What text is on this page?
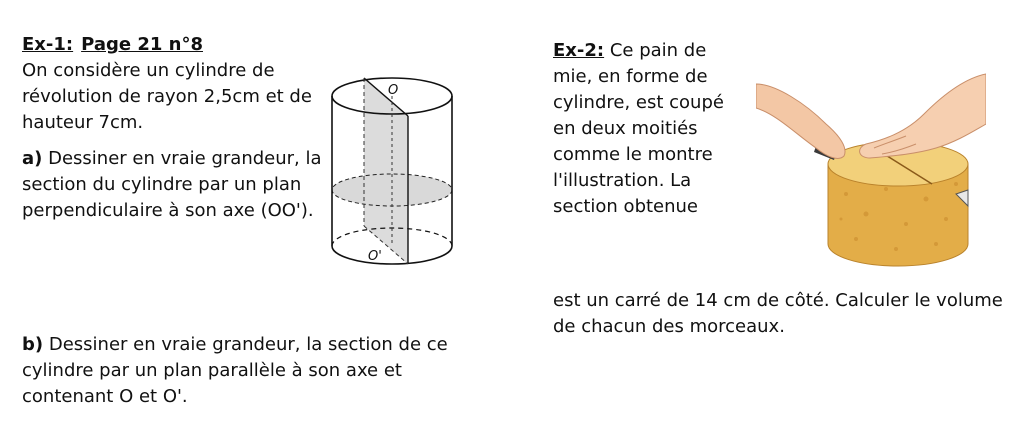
Ex-1: Page 21 n°8
On considère un cylindre de révolution de rayon 2,5cm et de hauteur 7cm.
a) Dessiner en vraie grandeur, la section du cylindre par un plan perpendiculaire à son axe (OO').
b) Dessiner en vraie grandeur, la section de ce cylindre par un plan parallèle à son axe et contenant O et O'.
O
O'
Ex-2: Ce pain de mie, en forme de cylindre, est coupé en deux moitiés comme le montre l'illustration. La section obtenue
est un carré de 14 cm de côté. Calculer le volume de chacun des morceaux.
